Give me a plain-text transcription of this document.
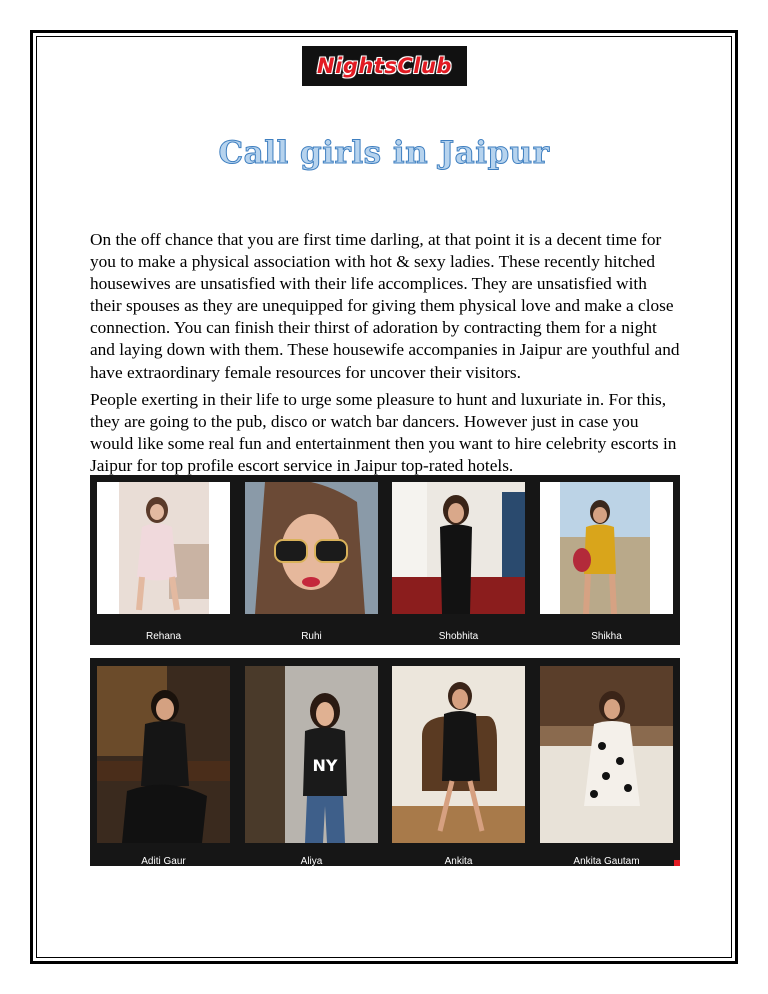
NightsClub
Call girls in Jaipur

On the off chance that you are first time darling, at that point it is a decent time for you to make a physical association with hot & sexy ladies. These recently hitched housewives are unsatisfied with their life accomplices. They are unsatisfied with their spouses as they are unequipped for giving them physical love and make a close connection. You can finish their thirst of adoration by contracting them for a night and laying down with them. These housewife accompanies in Jaipur are youthful and have extraordinary female resources for uncover their visitors.

People exerting in their life to urge some pleasure to hunt and luxuriate in. For this, they are going to the pub, disco or watch bar dancers. However just in case you would like some real fun and entertainment then you want to hire celebrity escorts in Jaipur for top profile escort service in Jaipur top-rated hotels.

Rehana	Ruhi	Shobhita	Shikha
Aditi Gaur
NY
Aliya	Ankita	Ankita Gautam
